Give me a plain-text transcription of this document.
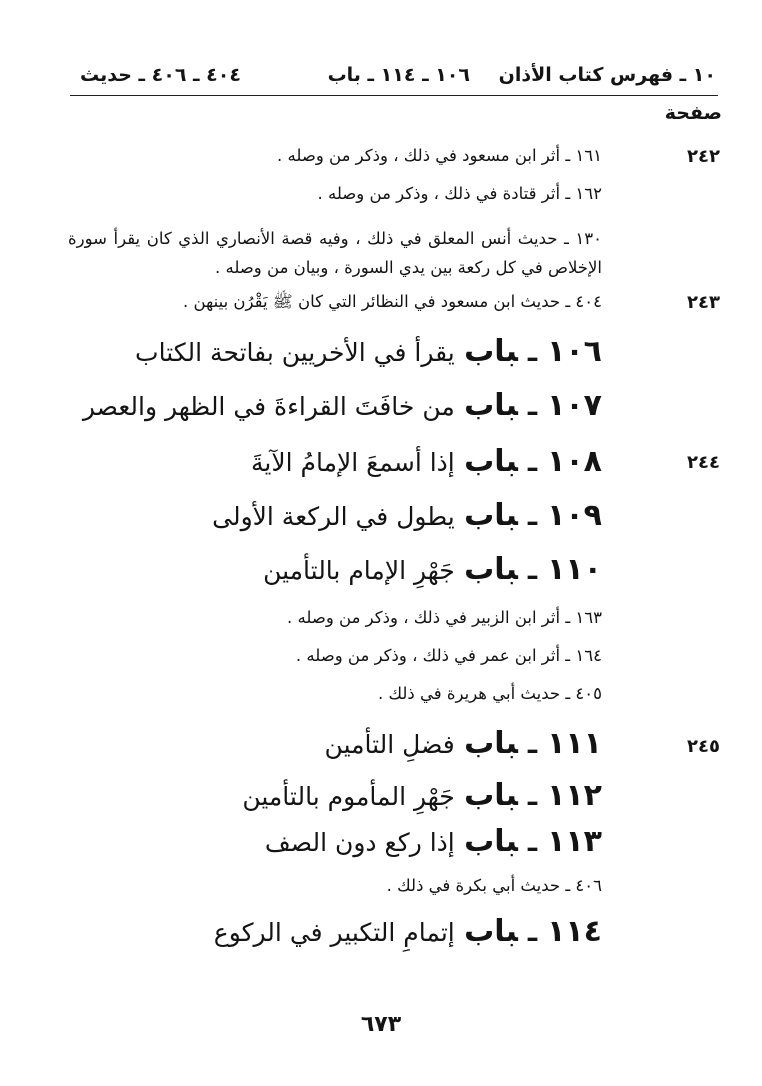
١٠ ـ فهرس كتاب الأذان
١٠٦ ـ ١١٤ ـ باب
٤٠٤ ـ ٤٠٦ ـ حديث
صفحة
٢٤٢
١٦١ ـ أثر ابن مسعود في ذلك ، وذكر من وصله .
١٦٢ ـ أثر قتادة في ذلك ، وذكر من وصله .
١٣٠ ـ حديث أنس المعلق في ذلك ، وفيه قصة الأنصاري الذي كان يقرأ سورة الإخلاص في كل ركعة بين يدي السورة ، وبيان من وصله .
٢٤٣
٤٠٤ ـ حديث ابن مسعود في النظائر التي كان ﷺ يَقْرُن بينهن .
١٠٦ـباب يقرأ في الأخريين بفاتحة الكتاب
١٠٧ـباب من خافَتَ القراءةَ في الظهر والعصر
٢٤٤
١٠٨ـباب إذا أسمعَ الإمامُ الآيةَ
١٠٩ـباب يطول في الركعة الأولى
١١٠ـباب جَهْرِ الإمام بالتأمين
١٦٣ ـ أثر ابن الزبير في ذلك ، وذكر من وصله .
١٦٤ ـ أثر ابن عمر في ذلك ، وذكر من وصله .
٤٠٥ ـ حديث أبي هريرة في ذلك .
٢٤٥
١١١ـباب فضلِ التأمين
١١٢ـباب جَهْرِ المأموم بالتأمين
١١٣ـباب إذا ركع دون الصف
٤٠٦ ـ حديث أبي بكرة في ذلك .
١١٤ـباب إتمامِ التكبير في الركوع
٦٧٣
